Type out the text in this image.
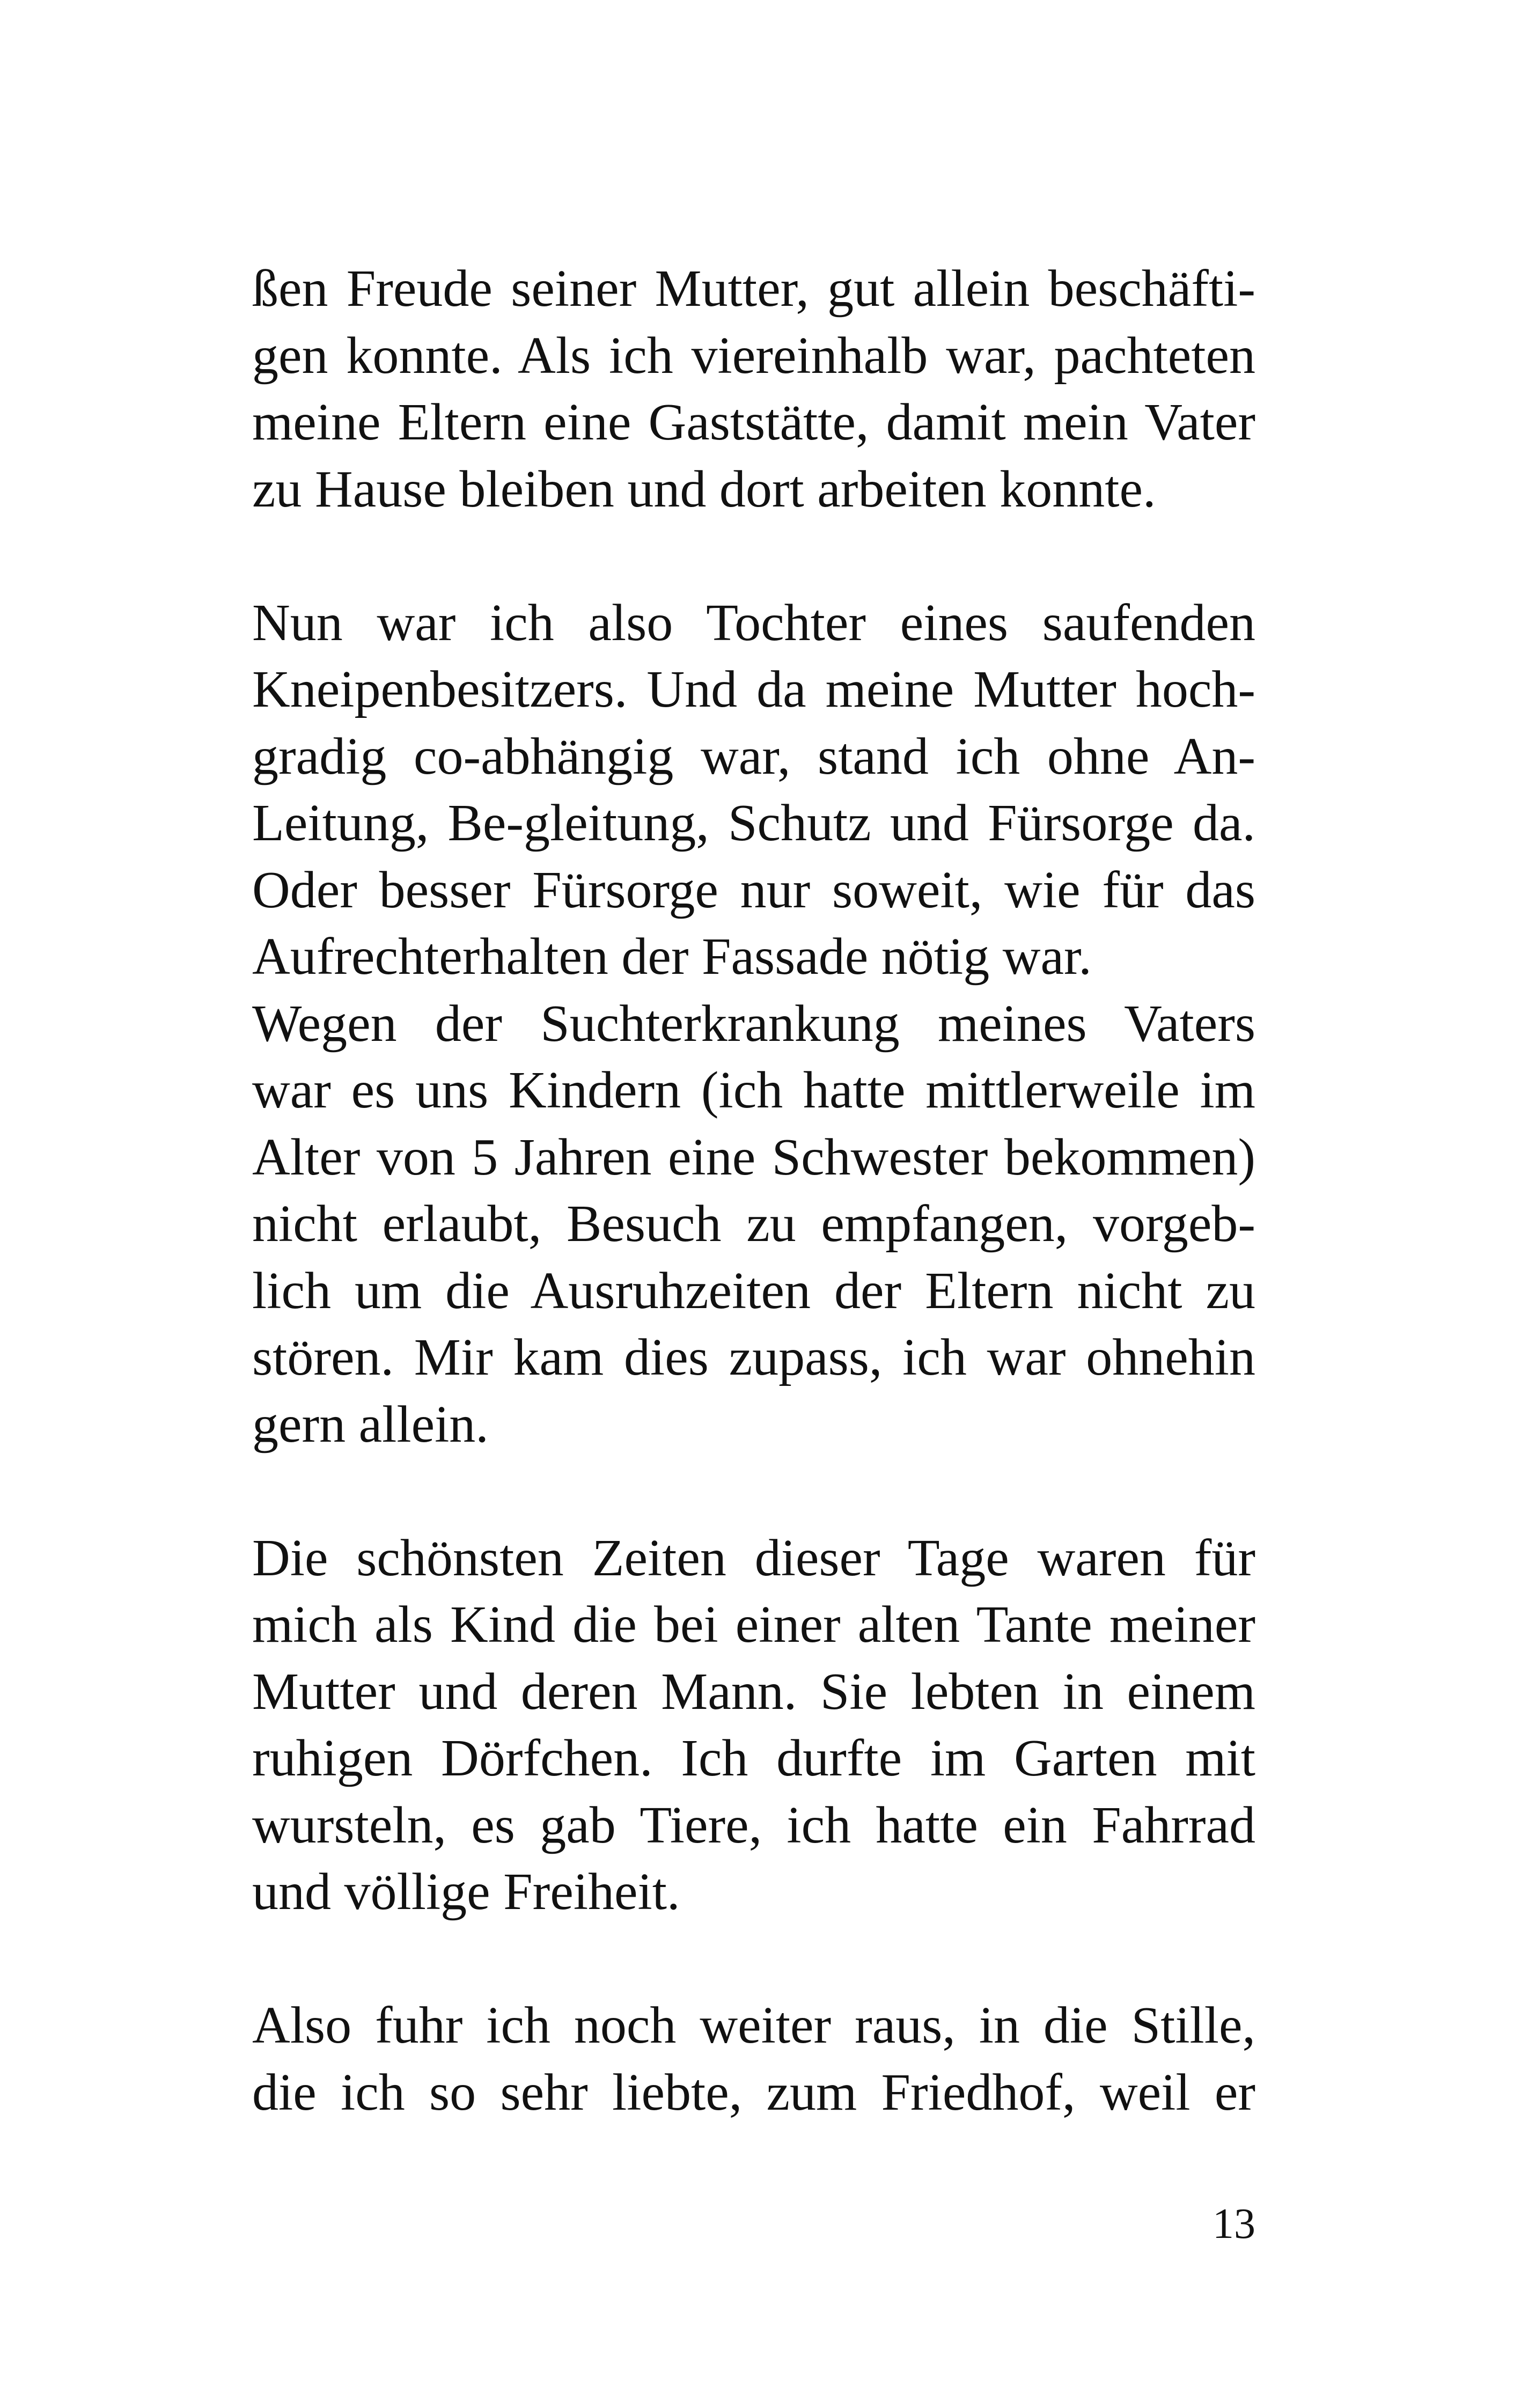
ßen Freude seiner Mutter, gut allein beschäfti-
gen konnte. Als ich viereinhalb war, pachteten
meine Eltern eine Gaststätte, damit mein Vater
zu Hause bleiben und dort arbeiten konnte.
Nun war ich also Tochter eines saufenden
Kneipenbesitzers. Und da meine Mutter hoch-
gradig co-abhängig war, stand ich ohne An-
Leitung, Be-gleitung, Schutz und Fürsorge da.
Oder besser Fürsorge nur soweit, wie für das
Aufrechterhalten der Fassade nötig war.
Wegen der Suchterkrankung meines Vaters
war es uns Kindern (ich hatte mittlerweile im
Alter von 5 Jahren eine Schwester bekommen)
nicht erlaubt, Besuch zu empfangen, vorgeb-
lich um die Ausruhzeiten der Eltern nicht zu
stören. Mir kam dies zupass, ich war ohnehin
gern allein.
Die schönsten Zeiten dieser Tage waren für
mich als Kind die bei einer alten Tante meiner
Mutter und deren Mann. Sie lebten in einem
ruhigen Dörfchen. Ich durfte im Garten mit
wursteln, es gab Tiere, ich hatte ein Fahrrad
und völlige Freiheit.
Also fuhr ich noch weiter raus, in die Stille,
die ich so sehr liebte, zum Friedhof, weil er
13
